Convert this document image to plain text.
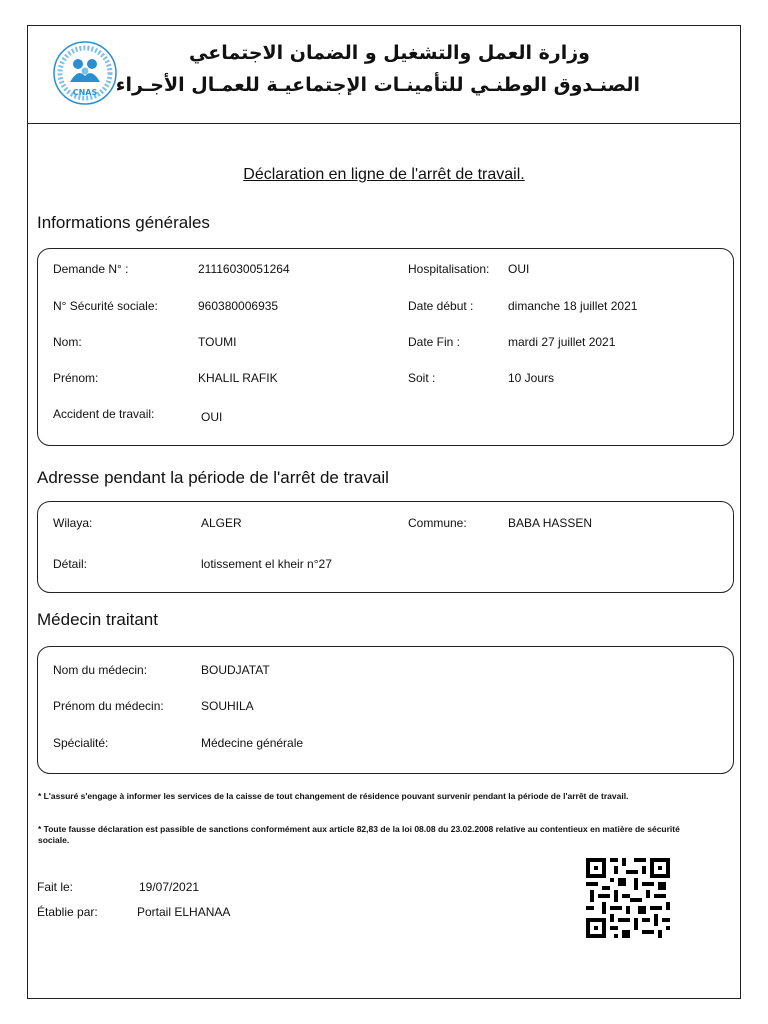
CNAS
وزارة العمل والتشغيل و الضمان الاجتماعي
الصنـدوق الوطنـي للتأمينـات الإجتماعيـة للعمـال الأجـراء
Déclaration en ligne de l'arrêt de travail.
Informations générales
Demande N° :	21116030051264	Hospitalisation: OUI
N° Sécurité sociale:	960380006935	Date début :	dimanche 18 juillet 2021
Nom:	TOUMI	Date Fin :	mardi 27 juillet 2021
Prénom:	KHALIL RAFIK	Soit :	10 Jours
Accident de travail:	OUI
Adresse pendant la période de l'arrêt de travail
Wilaya:	ALGER	Commune:	BABA HASSEN
Détail:	lotissement el kheir n°27
Médecin traitant
Nom du médecin:	BOUDJATAT
Prénom du médecin:	SOUHILA
Spécialité:	Médecine générale
* L'assuré s'engage à informer les services de la caisse de tout changement de résidence pouvant survenir pendant la période de l'arrêt de travail.
* Toute fausse déclaration est passible de sanctions conformément aux article 82,83 de la loi 08.08 du 23.02.2008 relative au contentieux en matière de sécurité sociale.
Fait le:	19/07/2021
Établie par:	Portail ELHANAA
